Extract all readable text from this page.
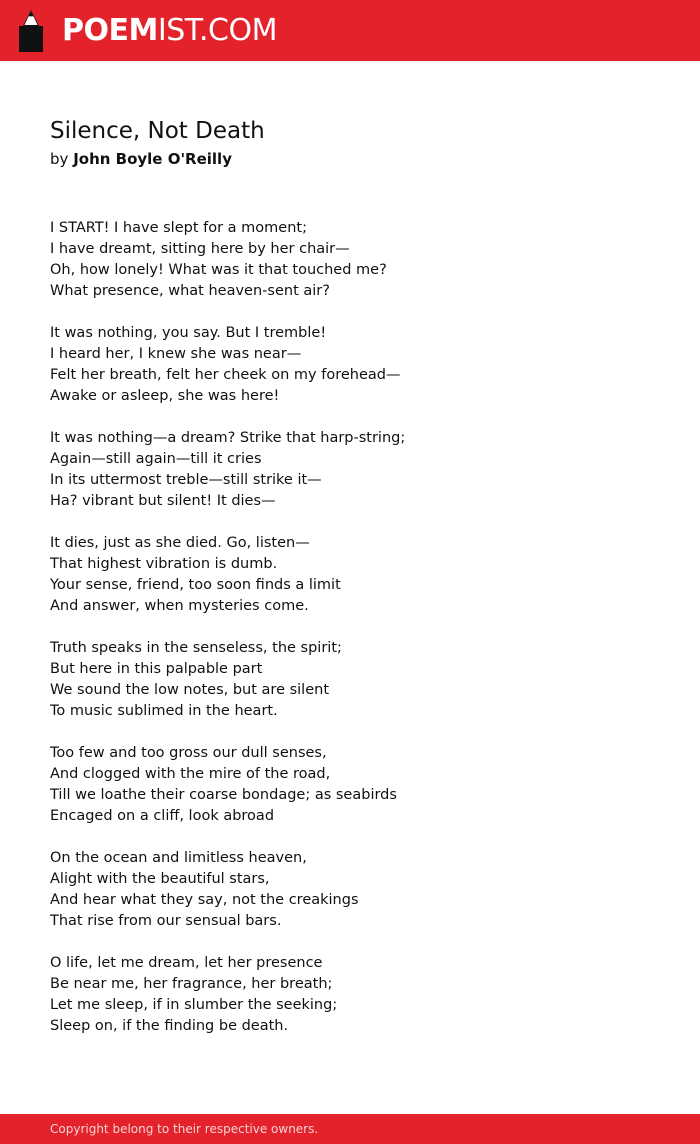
POEMIST.COM
Silence, Not Death
by John Boyle O'Reilly

I START! I have slept for a moment;
I have dreamt, sitting here by her chair—
Oh, how lonely! What was it that touched me?
What presence, what heaven-sent air?

It was nothing, you say. But I tremble!
I heard her, I knew she was near—
Felt her breath, felt her cheek on my forehead—
Awake or asleep, she was here!

It was nothing—a dream? Strike that harp-string;
Again—still again—till it cries
In its uttermost treble—still strike it—
Ha? vibrant but silent! It dies—

It dies, just as she died. Go, listen—
That highest vibration is dumb.
Your sense, friend, too soon finds a limit
And answer, when mysteries come.

Truth speaks in the senseless, the spirit;
But here in this palpable part
We sound the low notes, but are silent
To music sublimed in the heart.

Too few and too gross our dull senses,
And clogged with the mire of the road,
Till we loathe their coarse bondage; as seabirds
Encaged on a cliff, look abroad

On the ocean and limitless heaven,
Alight with the beautiful stars,
And hear what they say, not the creakings
That rise from our sensual bars.

O life, let me dream, let her presence
Be near me, her fragrance, her breath;
Let me sleep, if in slumber the seeking;
Sleep on, if the finding be death.

Copyright belong to their respective owners.
